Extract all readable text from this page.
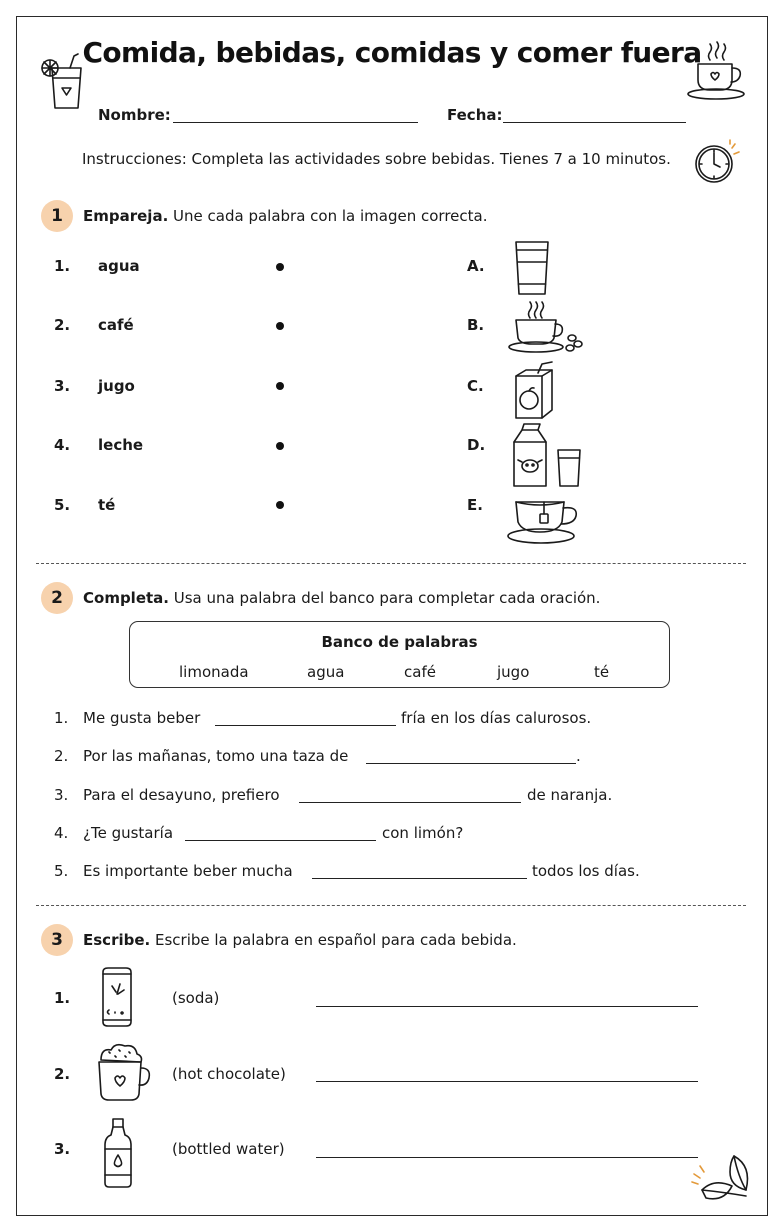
Comida, bebidas, comidas y comer fuera
Nombre:	Fecha:
Instrucciones: Completa las actividades sobre bebidas. Tienes 7 a 10 minutos.
1	Empareja. Une cada palabra con la imagen correcta.
1. agua	A.
2. café	B.
3. jugo	C.
4. leche	D.
5. té	E.
2	Completa. Usa una palabra del banco para completar cada oración.
Banco de palabras
limonada	agua	café	jugo	té
1. Me gusta beber	fría en los días calurosos.
2. Por las mañanas, tomo una taza de	.
3. Para el desayuno, prefiero	de naranja.
4. ¿Te gustaría	con limón?
5. Es importante beber mucha	todos los días.
3	Escribe. Escribe la palabra en español para cada bebida.
1.	(soda)
2.	(hot chocolate)
3.	(bottled water)
